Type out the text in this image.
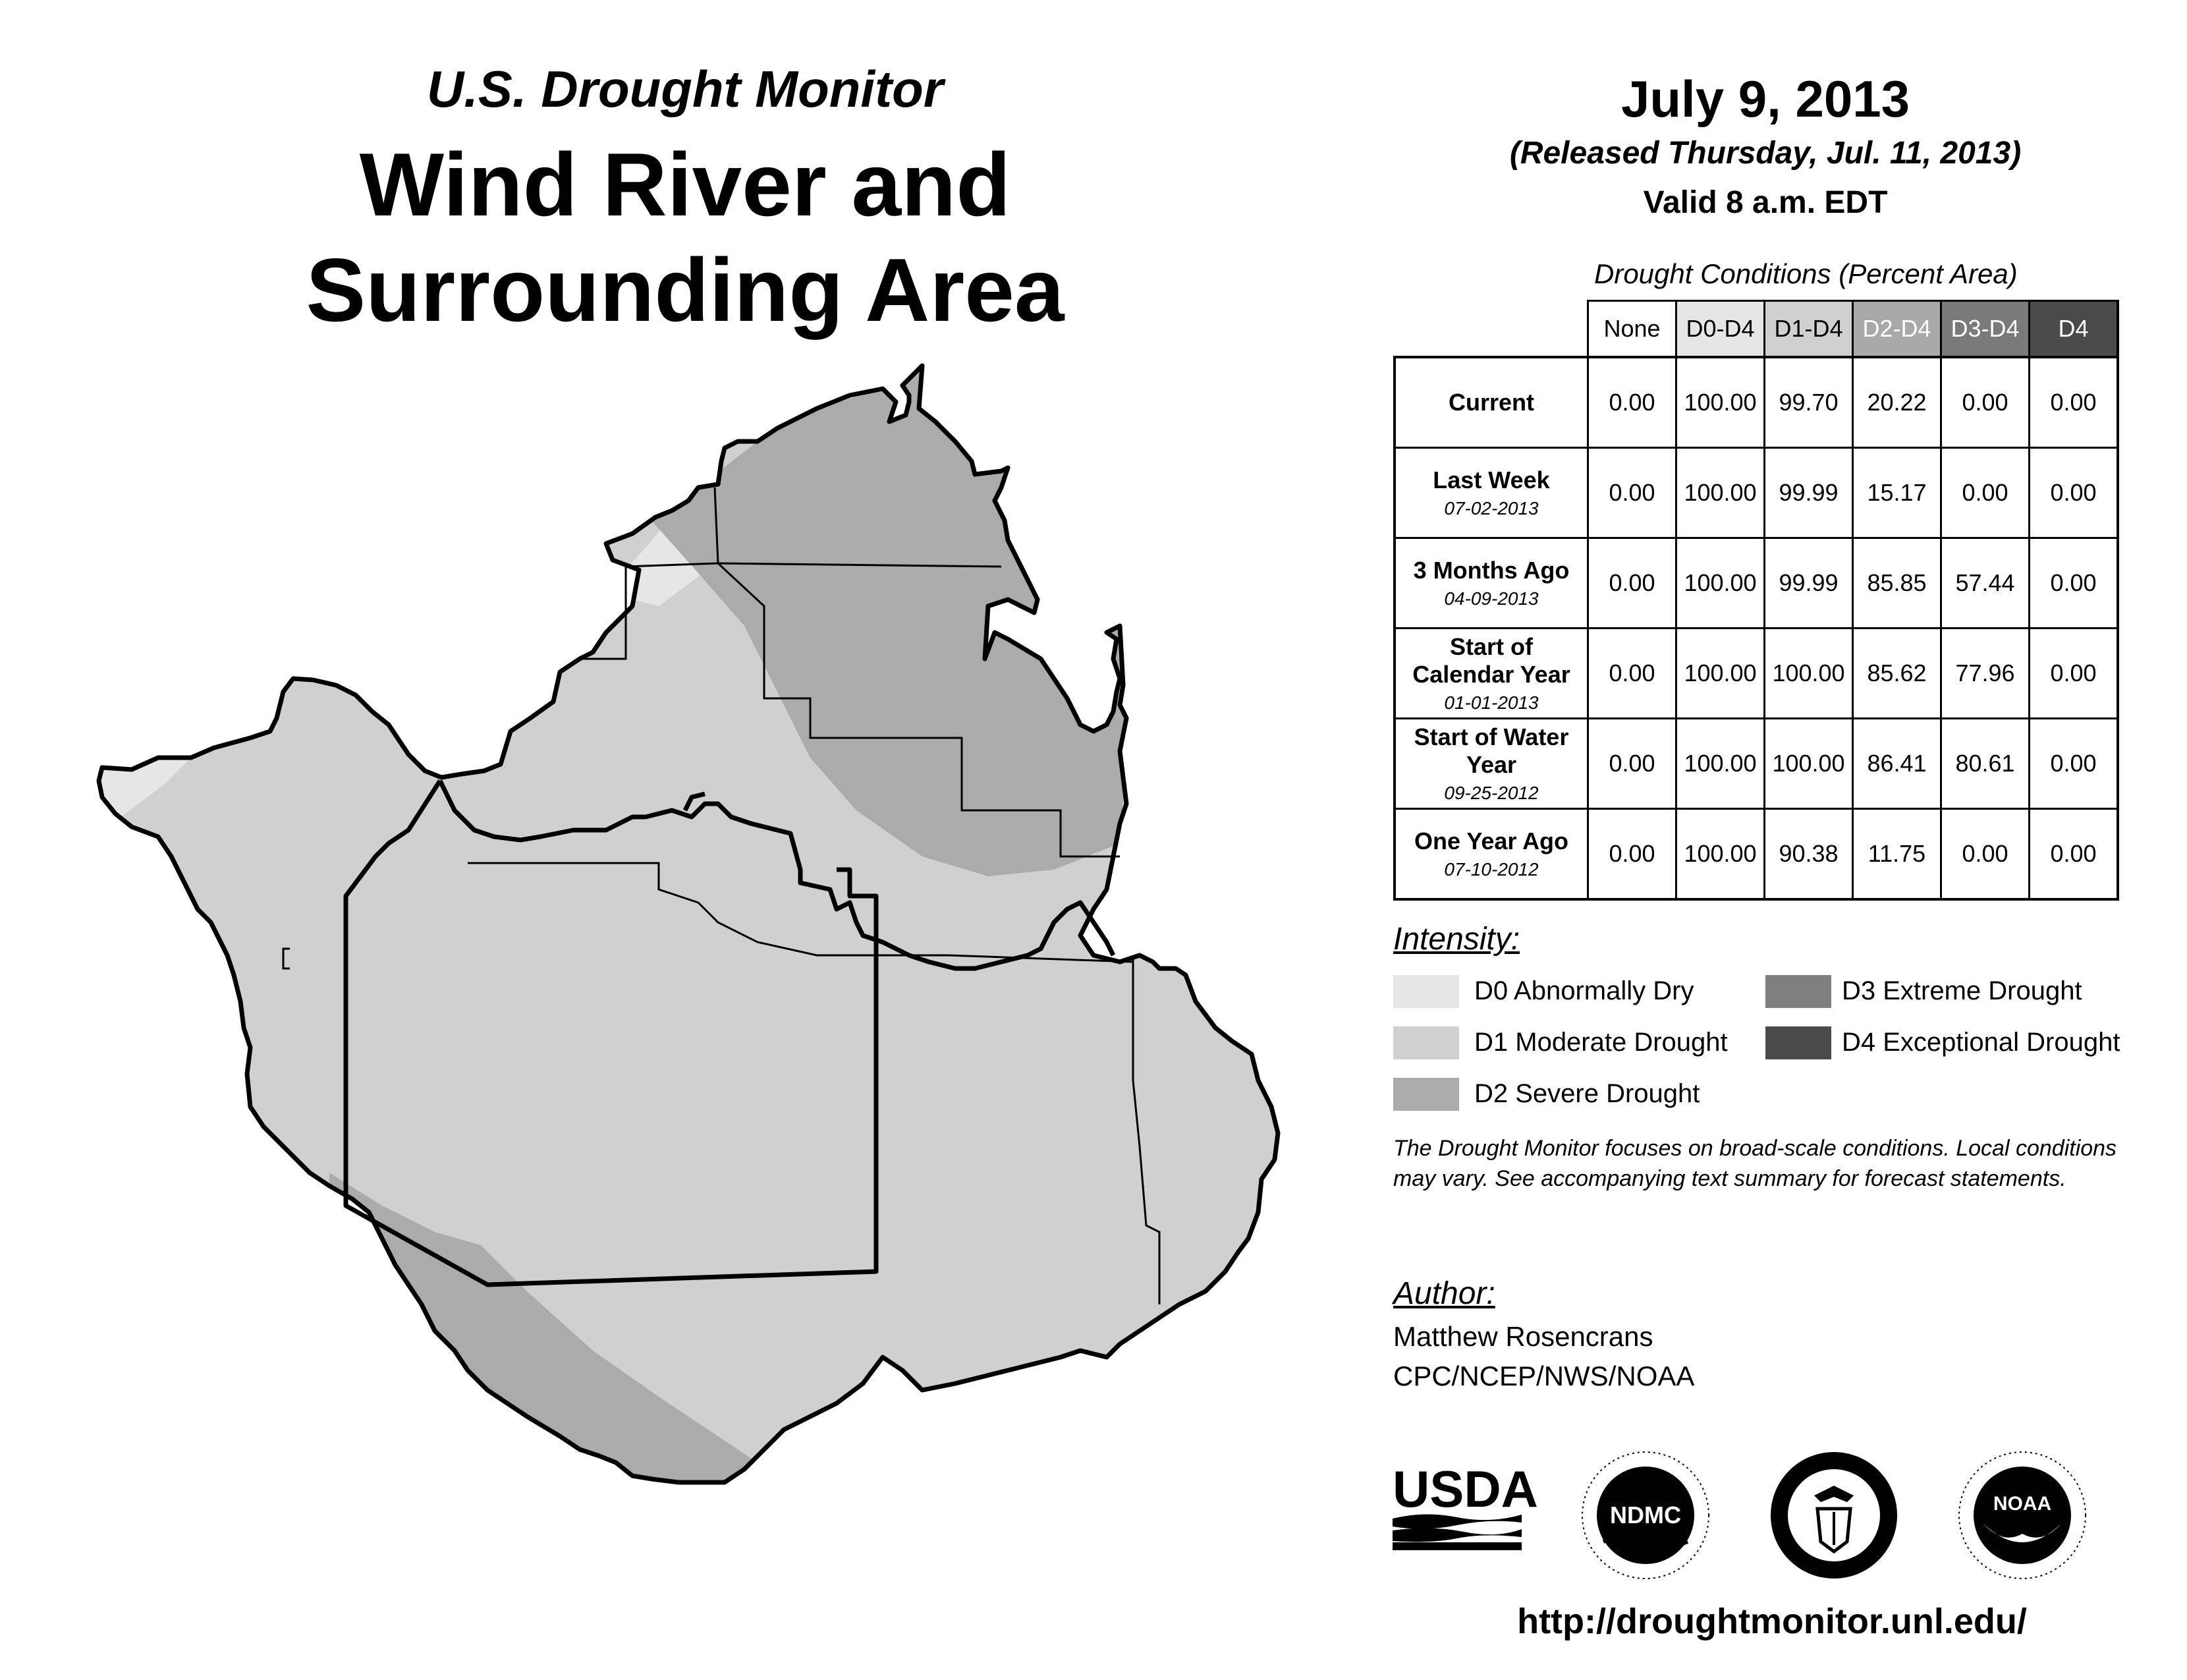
U.S. Drought Monitor
Wind River and
Surrounding Area
July 9, 2013
(Released Thursday, Jul. 11, 2013)
Valid 8 a.m. EDT
Drought Conditions (Percent Area)
	None	D0-D4	D1-D4	D2-D4	D3-D4	D4

Current	0.00	100.00	99.70	20.22	0.00	0.00

Last Week
07-02-2013	0.00	100.00	99.99	15.17	0.00	0.00

3 Months Ago
04-09-2013	0.00	100.00	99.99	85.85	57.44	0.00

Start of Calendar Year
01-01-2013	0.00	100.00	100.00	85.62	77.96	0.00

Start of Water Year
09-25-2012	0.00	100.00	100.00	86.41	80.61	0.00

One Year Ago
07-10-2012	0.00	100.00	90.38	11.75	0.00	0.00
Intensity:
D0 Abnormally Dry
D1 Moderate Drought
D2 Severe Drought
D3 Extreme Drought
D4 Exceptional Drought
The Drought Monitor focuses on broad-scale conditions. Local conditions may vary. See accompanying text summary for forecast statements.
Author:
Matthew Rosencrans
CPC/NCEP/NWS/NOAA
USDA	NDMC	NOAA
http://droughtmonitor.unl.edu/
